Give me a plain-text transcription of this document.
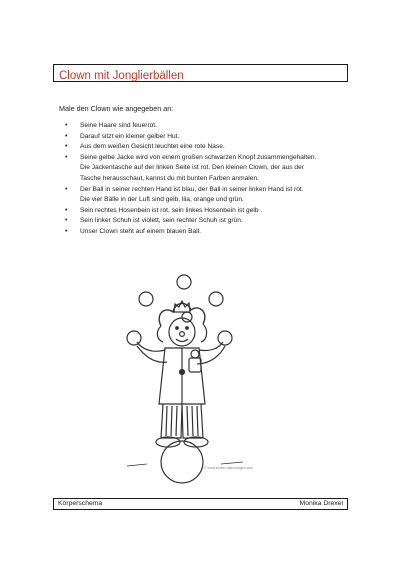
Clown mit Jonglierbällen
Male den Clown wie angegeben an:
• Seine Haare sind feuerrot.
• Darauf sitzt ein kleiner gelber Hut.
• Aus dem weißen Gesicht leuchtet eine rote Nase.
• Seine gelbe Jacke wird von einem großen schwarzen Knopf zusammengehalten.
Die Jackentasche auf der linken Seite ist rot. Den kleinen Clown, der aus der
Tasche herausschaut, kannst du mit bunten Farben anmalen.
• Der Ball in seiner rechten Hand ist blau, der Ball in seiner linken Hand ist rot.
Die vier Bälle in der Luft sind gelb, lila, orange und grün.
• Sein rechtes Hosenbein ist rot, sein linkes Hosenbein ist gelb .
• Sein linker Schuh ist violett, sein rechter Schuh ist grün.
• Unser Clown steht auf einem blauen Ball.
© www.kinder-malvorlagen.com
Körperschema	Monika Drexel
